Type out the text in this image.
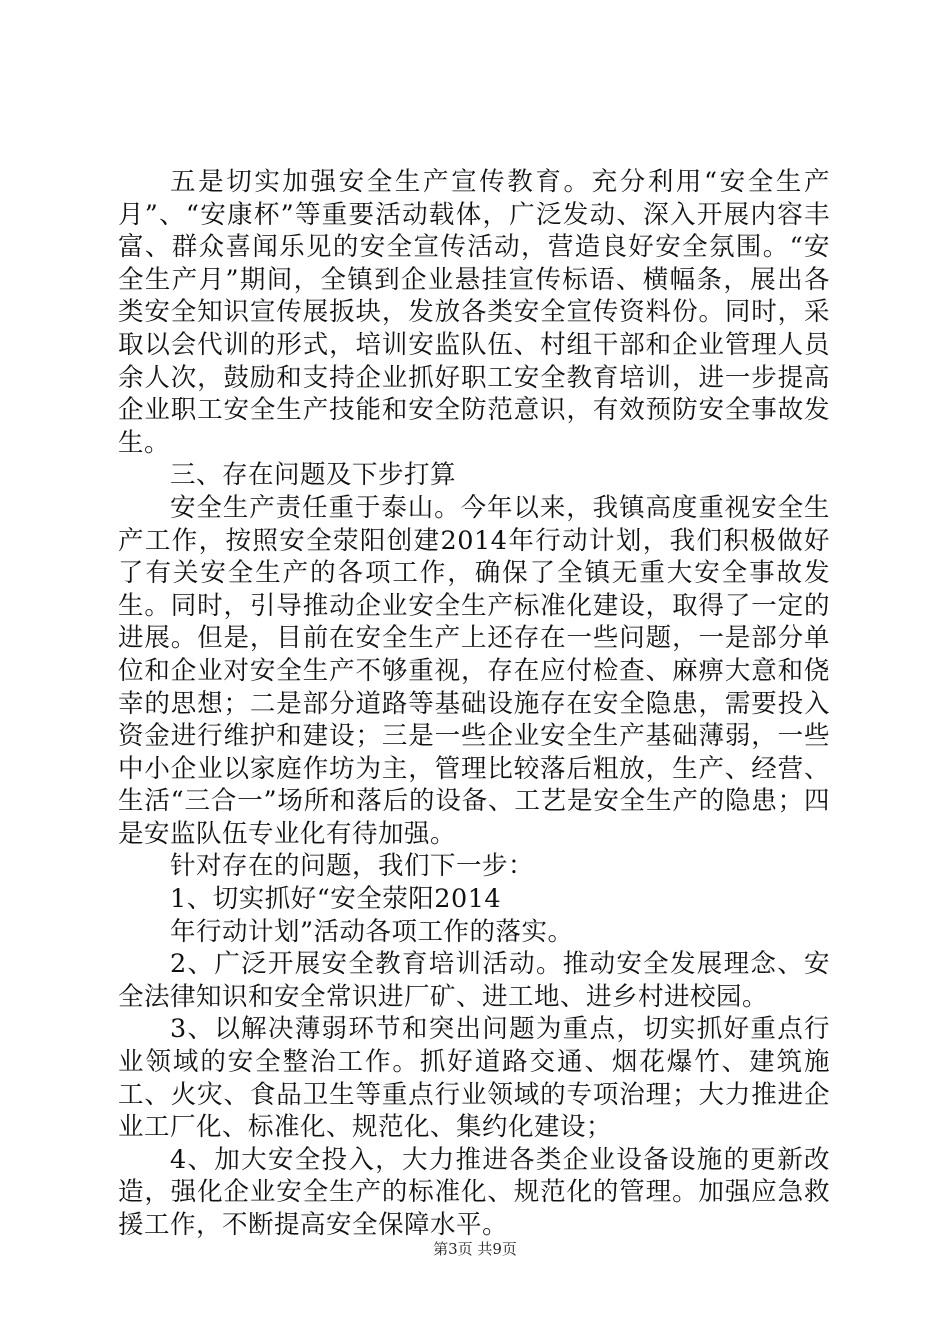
五是切实加强安全生产宣传教育。充分利用“安全生产月”、“安康杯”等重要活动载体，广泛发动、深入开展内容丰富、群众喜闻乐见的安全宣传活动，营造良好安全氛围。“安全生产月”期间，全镇到企业悬挂宣传标语、横幅条，展出各类安全知识宣传展扳块，发放各类安全宣传资料份。同时，采取以会代训的形式，培训安监队伍、村组干部和企业管理人员余人次，鼓励和支持企业抓好职工安全教育培训，进一步提高企业职工安全生产技能和安全防范意识，有效预防安全事故发生。

三、存在问题及下步打算

安全生产责任重于泰山。今年以来，我镇高度重视安全生产工作，按照安全荥阳创建2014年行动计划，我们积极做好了有关安全生产的各项工作，确保了全镇无重大安全事故发生。同时，引导推动企业安全生产标准化建设，取得了一定的进展。但是，目前在安全生产上还存在一些问题，一是部分单位和企业对安全生产不够重视，存在应付检查、麻痹大意和侥幸的思想；二是部分道路等基础设施存在安全隐患，需要投入资金进行维护和建设；三是一些企业安全生产基础薄弱，一些中小企业以家庭作坊为主，管理比较落后粗放，生产、经营、生活“三合一”场所和落后的设备、工艺是安全生产的隐患；四是安监队伍专业化有待加强。

针对存在的问题，我们下一步：

1、切实抓好“安全荥阳2014

年行动计划”活动各项工作的落实。

2、广泛开展安全教育培训活动。推动安全发展理念、安全法律知识和安全常识进厂矿、进工地、进乡村进校园。

3、以解决薄弱环节和突出问题为重点，切实抓好重点行业领域的安全整治工作。抓好道路交通、烟花爆竹、建筑施工、火灾、食品卫生等重点行业领域的专项治理；大力推进企业工厂化、标准化、规范化、集约化建设；

4、加大安全投入，大力推进各类企业设备设施的更新改造，强化企业安全生产的标准化、规范化的管理。加强应急救援工作，不断提高安全保障水平。

第3页 共9页
